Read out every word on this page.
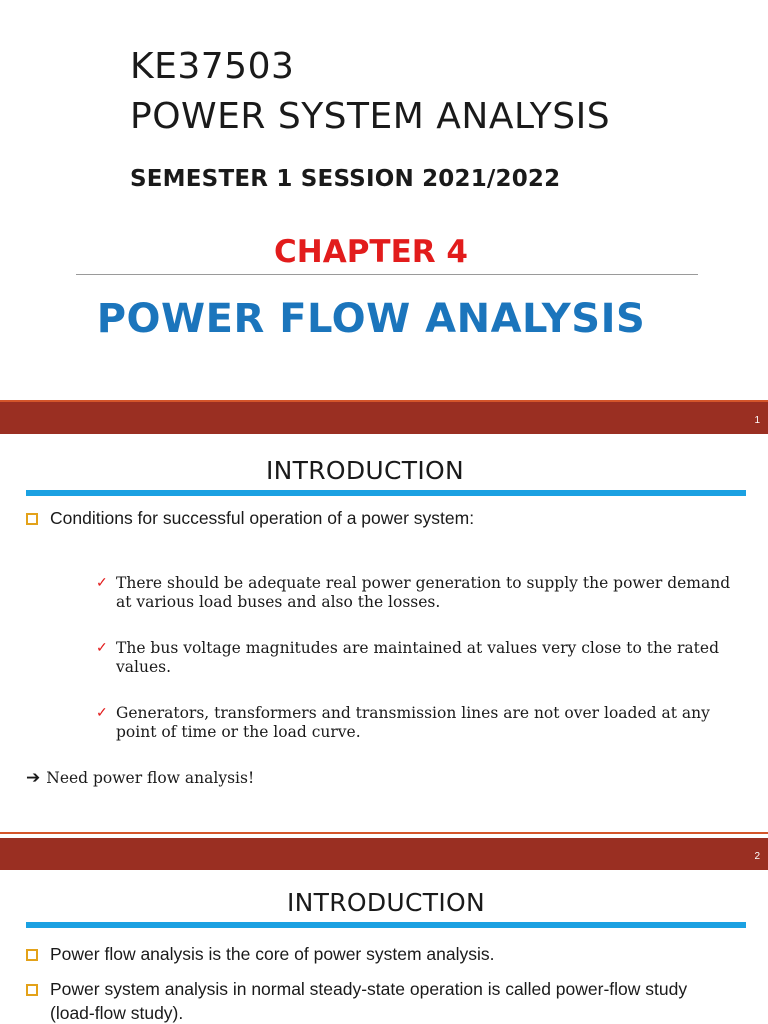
KE37503
POWER SYSTEM ANALYSIS
SEMESTER 1 SESSION 2021/2022
CHAPTER 4
POWER FLOW ANALYSIS
1
INTRODUCTION
Conditions for successful operation of a power system:
✓ There should be adequate real power generation to supply the power demand at various load buses and also the losses.
✓ The bus voltage magnitudes are maintained at values very close to the rated values.
✓ Generators, transformers and transmission lines are not over loaded at any point of time or the load curve.
➔ Need power flow analysis!
2
INTRODUCTION
Power flow analysis is the core of power system analysis.
Power system analysis in normal steady-state operation is called power-flow study (load-flow study).
